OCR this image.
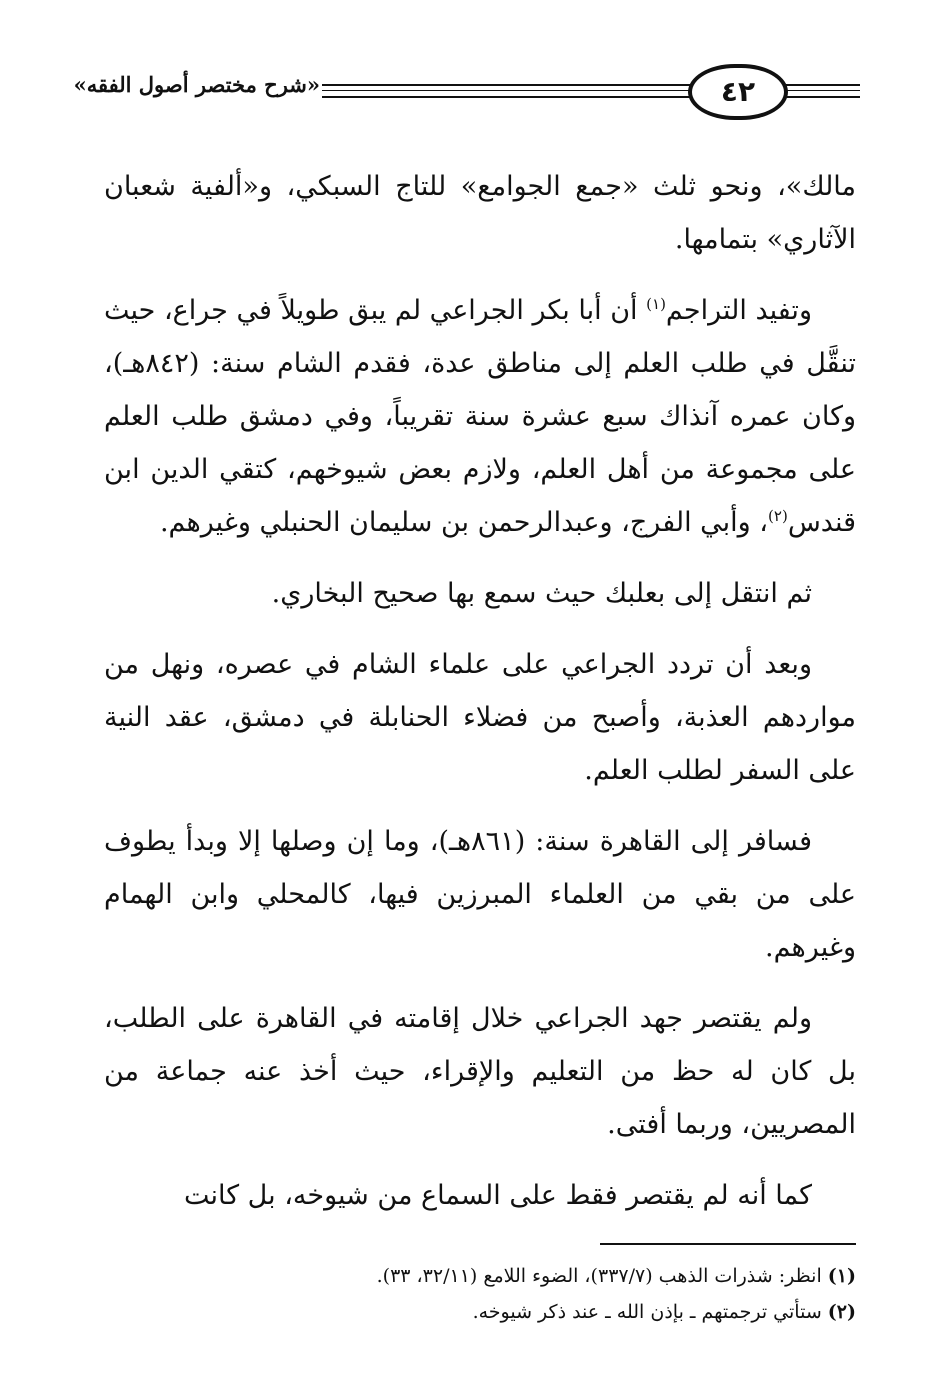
«شرح مختصر أصول الفقه»	٤٢

مالك»، ونحو ثلث «جمع الجوامع» للتاج السبكي، و«ألفية شعبان الآثاري» بتمامها.

وتفيد التراجم$^{(١)}$ أن أبا بكر الجراعي لم يبق طويلاً في جراع، حيث تنقَّل في طلب العلم إلى مناطق عدة، فقدم الشام سنة: (٨٤٢هـ)، وكان عمره آنذاك سبع عشرة سنة تقريباً، وفي دمشق طلب العلم على مجموعة من أهل العلم، ولازم بعض شيوخهم، كتقي الدين ابن قندس$^{(٢)}$، وأبي الفرج، وعبدالرحمن بن سليمان الحنبلي وغيرهم.

ثم انتقل إلى بعلبك حيث سمع بها صحيح البخاري.

وبعد أن تردد الجراعي على علماء الشام في عصره، ونهل من مواردهم العذبة، وأصبح من فضلاء الحنابلة في دمشق، عقد النية على السفر لطلب العلم.

فسافر إلى القاهرة سنة: (٨٦١هـ)، وما إن وصلها إلا وبدأ يطوف على من بقي من العلماء المبرزين فيها، كالمحلي وابن الهمام وغيرهم.

ولم يقتصر جهد الجراعي خلال إقامته في القاهرة على الطلب، بل كان له حظ من التعليم والإقراء، حيث أخذ عنه جماعة من المصريين، وربما أفتى.

كما أنه لم يقتصر فقط على السماع من شيوخه، بل كانت

(١) انظر: شذرات الذهب (٣٣٧/٧)، الضوء اللامع (٣٢/١١، ٣٣).

(٢) ستأتي ترجمتهم ـ بإذن الله ـ عند ذكر شيوخه.
